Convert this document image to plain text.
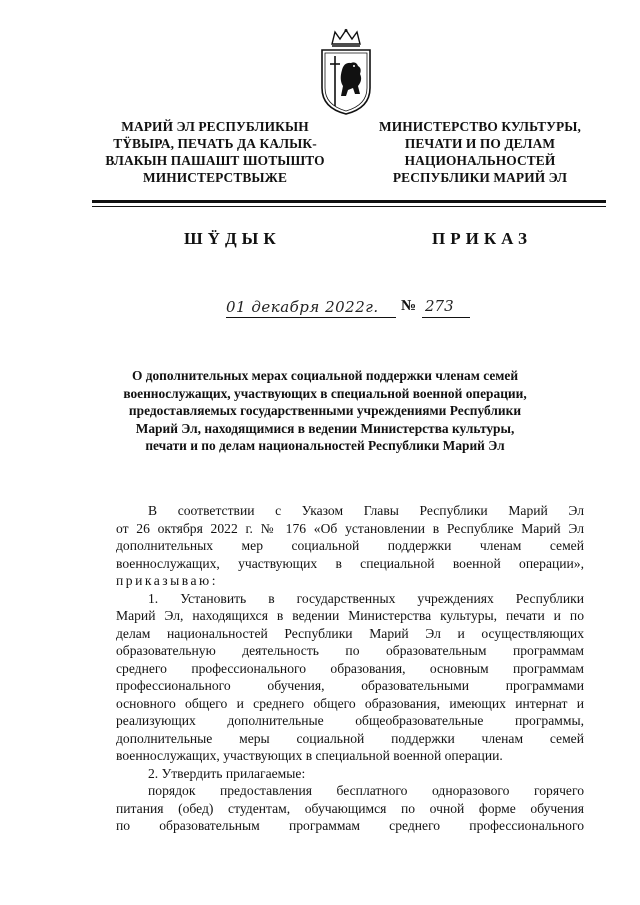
МАРИЙ ЭЛ РЕСПУБЛИКЫН
ТŸВЫРА, ПЕЧАТЬ ДА КАЛЫК-
ВЛАКЫН ПАШАШТ ШОТЫШТО
МИНИСТЕРСТВЫЖЕ
МИНИСТЕРСТВО КУЛЬТУРЫ,
ПЕЧАТИ И ПО ДЕЛАМ
НАЦИОНАЛЬНОСТЕЙ
РЕСПУБЛИКИ МАРИЙ ЭЛ
ШŸДЫК	ПРИКАЗ
01 декабря 2022г. № 273
О дополнительных мерах социальной поддержки членам семей
военнослужащих, участвующих в специальной военной операции,
предоставляемых государственными учреждениями Республики
Марий Эл, находящимися в ведении Министерства культуры,
печати и по делам национальностей Республики Марий Эл
В соответствии с Указом Главы Республики Марий Эл
от 26 октября 2022 г. № 176 «Об установлении в Республике Марий Эл
дополнительных мер социальной поддержки членам семей
военнослужащих, участвующих в специальной военной операции»,
приказываю:
1. Установить в государственных учреждениях Республики
Марий Эл, находящихся в ведении Министерства культуры, печати и по
делам национальностей Республики Марий Эл и осуществляющих
образовательную деятельность по образовательным программам
среднего профессионального образования, основным программам
профессионального обучения, образовательными программами
основного общего и среднего общего образования, имеющих интернат и
реализующих дополнительные общеобразовательные программы,
дополнительные меры социальной поддержки членам семей
военнослужащих, участвующих в специальной военной операции.
2. Утвердить прилагаемые:
порядок предоставления бесплатного одноразового горячего
питания (обед) студентам, обучающимся по очной форме обучения
по образовательным программам среднего профессионального
